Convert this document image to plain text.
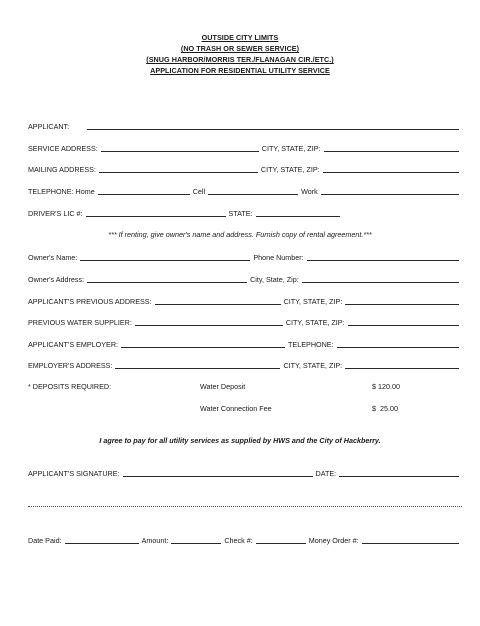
OUTSIDE CITY LIMITS
(NO TRASH OR SEWER SERVICE)
(SNUG HARBOR/MORRIS TER./FLANAGAN CIR./ETC.)
APPLICATION FOR RESIDENTIAL UTILITY SERVICE
APPLICANT:
SERVICE ADDRESS:	CITY, STATE, ZIP:
MAILING ADDRESS:	CITY, STATE, ZIP:
TELEPHONE: Home	Cell	Work
DRIVER'S LIC #:	STATE:
*** If renting, give owner's name and address. Furnish copy of rental agreement.***
Owner's Name:	Phone Number:
Owner's Address:	City, State, Zip:
APPLICANT'S PREVIOUS ADDRESS:	CITY, STATE, ZIP:
PREVIOUS WATER SUPPLIER:	CITY, STATE, ZIP:
APPLICANT'S EMPLOYER:	TELEPHONE:
EMPLOYER'S ADDRESS:	CITY, STATE, ZIP:
* DEPOSITS REQUIRED:	Water Deposit	$ 120.00
Water Connection Fee	$  25.00
I agree to pay for all utility services as supplied by HWS and the City of Hackberry.
APPLICANT'S SIGNATURE:	DATE:
Date Paid:	Amount:	Check #:	Money Order #:
